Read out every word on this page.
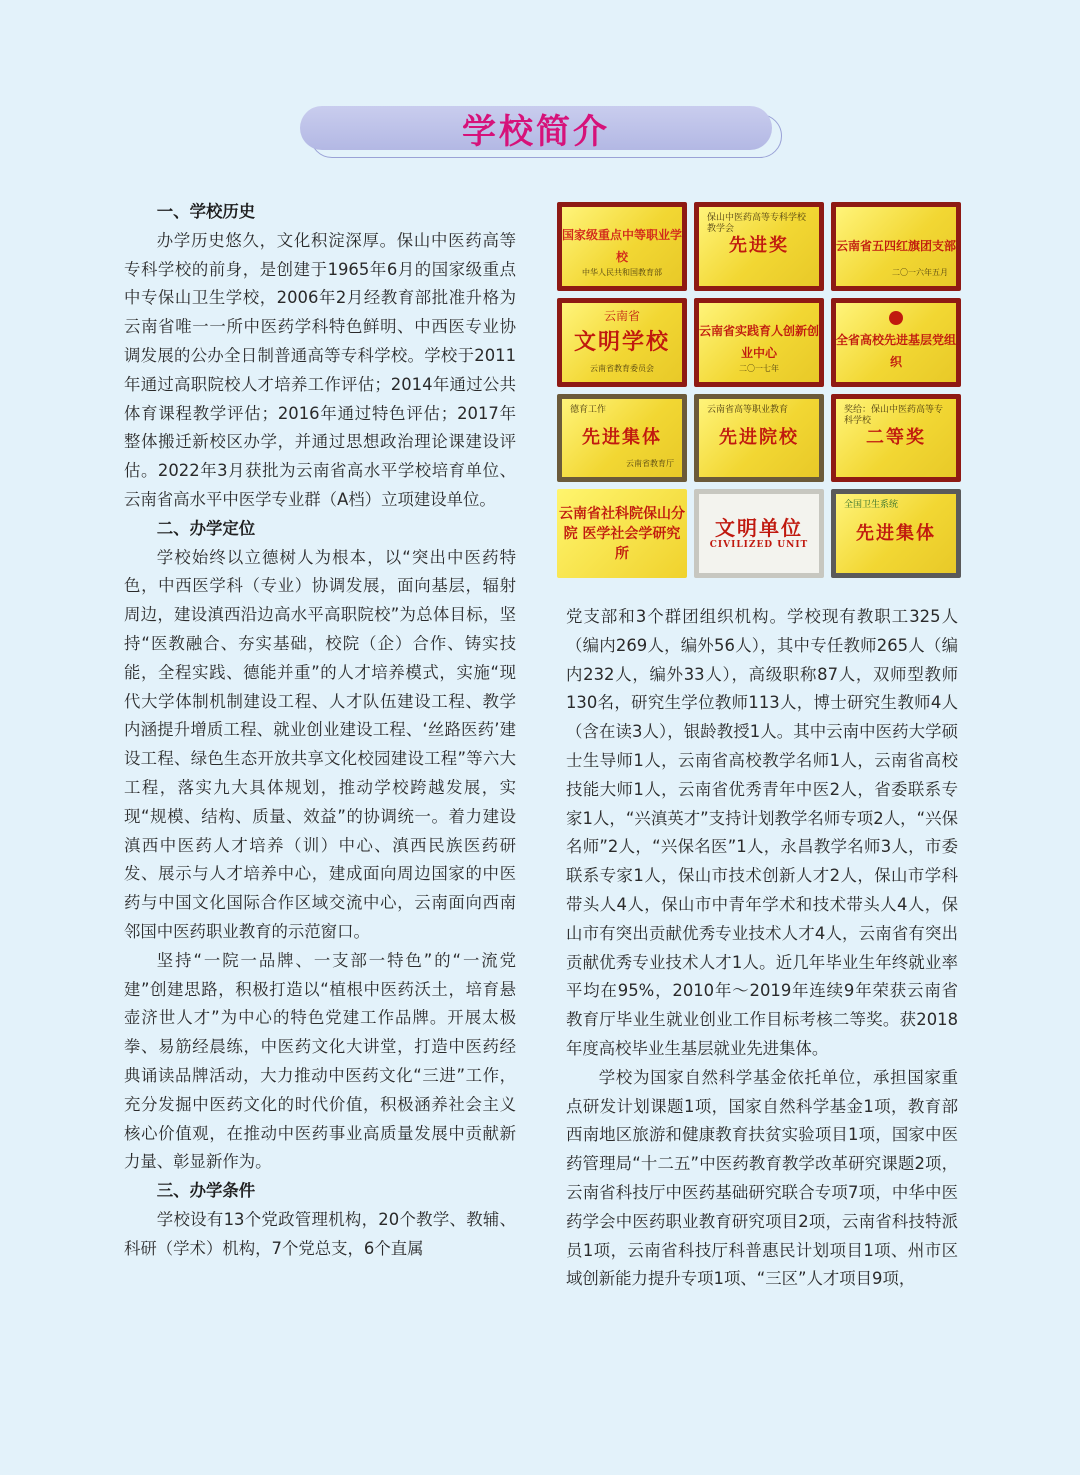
学校简介
一、学校历史

办学历史悠久，文化积淀深厚。保山中医药高等专科学校的前身，是创建于1965年6月的国家级重点中专保山卫生学校，2006年2月经教育部批准升格为云南省唯一一所中医药学科特色鲜明、中西医专业协调发展的公办全日制普通高等专科学校。学校于2011年通过高职院校人才培养工作评估；2014年通过公共体育课程教学评估；2016年通过特色评估；2017年整体搬迁新校区办学，并通过思想政治理论课建设评估。2022年3月获批为云南省高水平学校培育单位、云南省高水平中医学专业群（A档）立项建设单位。

二、办学定位

学校始终以立德树人为根本，以“突出中医药特色，中西医学科（专业）协调发展，面向基层，辐射周边，建设滇西沿边高水平高职院校”为总体目标，坚持“医教融合、夯实基础，校院（企）合作、铸实技能，全程实践、德能并重”的人才培养模式，实施“现代大学体制机制建设工程、人才队伍建设工程、教学内涵提升增质工程、就业创业建设工程、‘丝路医药’建设工程、绿色生态开放共享文化校园建设工程”等六大工程，落实九大具体规划，推动学校跨越发展，实现“规模、结构、质量、效益”的协调统一。着力建设滇西中医药人才培养（训）中心、滇西民族医药研发、展示与人才培养中心，建成面向周边国家的中医药与中国文化国际合作区域交流中心，云南面向西南邻国中医药职业教育的示范窗口。

坚持“一院一品牌、一支部一特色”的“一流党建”创建思路，积极打造以“植根中医药沃土，培育悬壶济世人才”为中心的特色党建工作品牌。开展太极拳、易筋经晨练，中医药文化大讲堂，打造中医药经典诵读品牌活动，大力推动中医药文化“三进”工作，充分发掘中医药文化的时代价值，积极涵养社会主义核心价值观，在推动中医药事业高质量发展中贡献新力量、彰显新作为。

三、办学条件

学校设有13个党政管理机构，20个教学、教辅、科研（学术）机构，7个党总支，6个直属

国家级重点中等职业学校
中华人民共和国教育部
保山中医药高等专科学校教学会
先进奖	云南省五四红旗团支部
二〇一六年五月
云南省
文明学校
云南省教育委员会
云南省实践育人创新创业中心
二〇一七年
全省高校先进基层党组织
德育工作
先进集体
云南省教育厅
云南省高等职业教育
先进院校
奖给：保山中医药高等专科学校
二等奖
云南省社科院保山分院 医学社会学研究所
文明单位
CIVILIZED UNIT
全国卫生系统
先进集体

党支部和3个群团组织机构。学校现有教职工325人（编内269人，编外56人），其中专任教师265人（编内232人，编外33人），高级职称87人，双师型教师130名，研究生学位教师113人，博士研究生教师4人（含在读3人），银龄教授1人。其中云南中医药大学硕士生导师1人，云南省高校教学名师1人，云南省高校技能大师1人，云南省优秀青年中医2人，省委联系专家1人，“兴滇英才”支持计划教学名师专项2人，“兴保名师”2人，“兴保名医”1人，永昌教学名师3人，市委联系专家1人，保山市技术创新人才2人，保山市学科带头人4人，保山市中青年学术和技术带头人4人，保山市有突出贡献优秀专业技术人才4人，云南省有突出贡献优秀专业技术人才1人。近几年毕业生年终就业率平均在95%，2010年～2019年连续9年荣获云南省教育厅毕业生就业创业工作目标考核二等奖。获2018年度高校毕业生基层就业先进集体。

学校为国家自然科学基金依托单位，承担国家重点研发计划课题1项，国家自然科学基金1项，教育部西南地区旅游和健康教育扶贫实验项目1项，国家中医药管理局“十二五”中医药教育教学改革研究课题2项，云南省科技厅中医药基础研究联合专项7项，中华中医药学会中医药职业教育研究项目2项，云南省科技特派员1项，云南省科技厅科普惠民计划项目1项、州市区域创新能力提升专项1项、“三区”人才项目9项，
